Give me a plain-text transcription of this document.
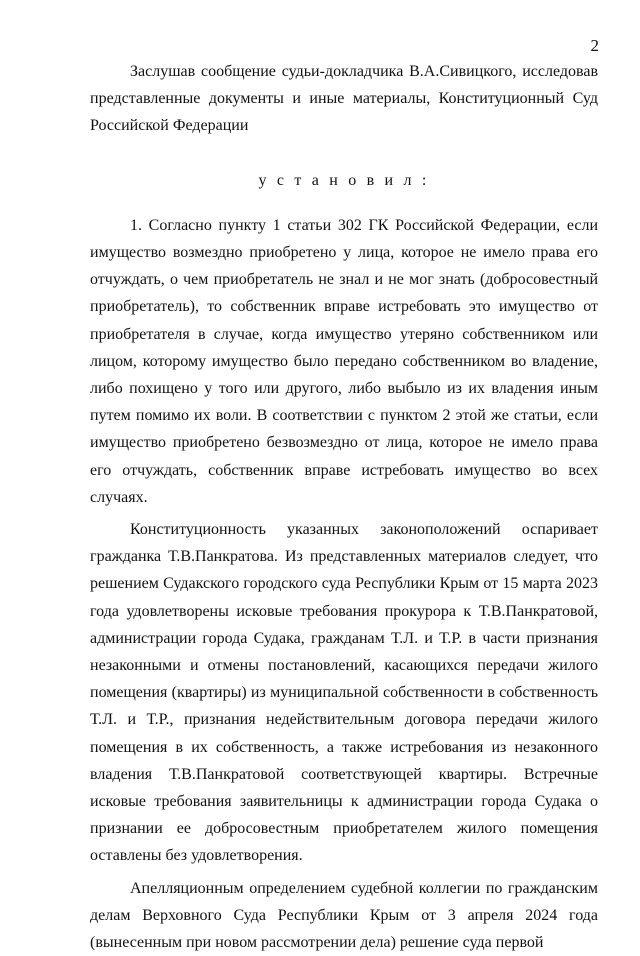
2

Заслушав сообщение судьи-докладчика В.А.Сивицкого, исследовав представленные документы и иные материалы, Конституционный Суд Российской Федерации

у с т а н о в и л :

1. Согласно пункту 1 статьи 302 ГК Российской Федерации, если имущество возмездно приобретено у лица, которое не имело права его отчуждать, о чем приобретатель не знал и не мог знать (добросовестный приобретатель), то собственник вправе истребовать это имущество от приобретателя в случае, когда имущество утеряно собственником или лицом, которому имущество было передано собственником во владение, либо похищено у того или другого, либо выбыло из их владения иным путем помимо их воли. В соответствии с пунктом 2 этой же статьи, если имущество приобретено безвозмездно от лица, которое не имело права его отчуждать, собственник вправе истребовать имущество во всех случаях.

Конституционность указанных законоположений оспаривает гражданка Т.В.Панкратова. Из представленных материалов следует, что решением Судакского городского суда Республики Крым от 15 марта 2023 года удовлетворены исковые требования прокурора к Т.В.Панкратовой, администрации города Судака, гражданам Т.Л. и Т.Р. в части признания незаконными и отмены постановлений, касающихся передачи жилого помещения (квартиры) из муниципальной собственности в собственность Т.Л. и Т.Р., признания недействительным договора передачи жилого помещения в их собственность, а также истребования из незаконного владения Т.В.Панкратовой соответствующей квартиры. Встречные исковые требования заявительницы к администрации города Судака о признании ее добросовестным приобретателем жилого помещения оставлены без удовлетворения.

Апелляционным определением судебной коллегии по гражданским делам Верховного Суда Республики Крым от 3 апреля 2024 года (вынесенным при новом рассмотрении дела) решение суда первой
